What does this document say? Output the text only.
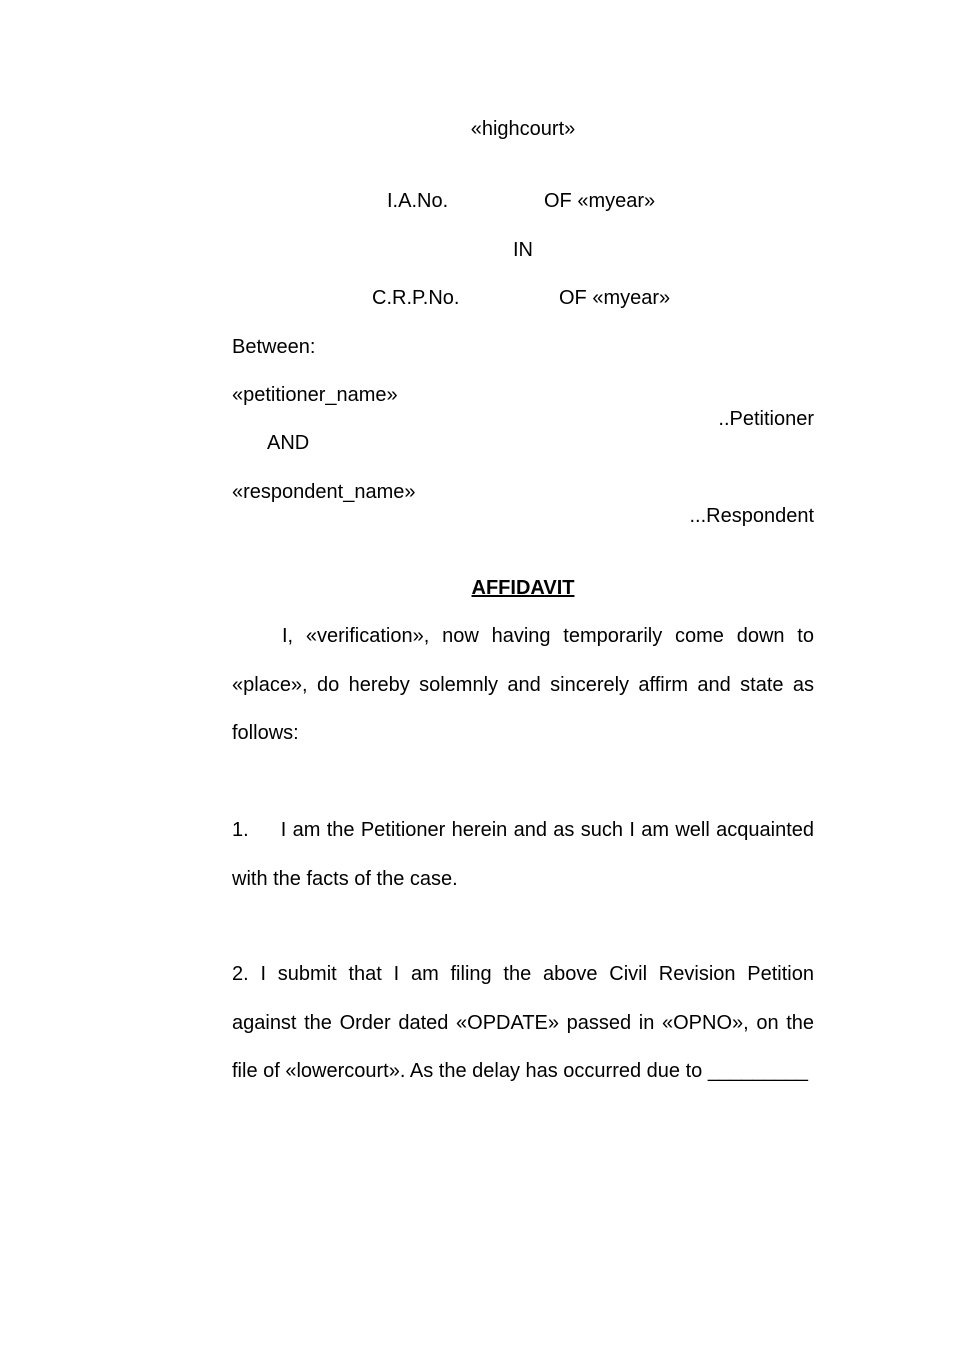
«highcourt»
I.A.No.	OF «myear»
IN
C.R.P.No.	OF «myear»
Between:
«petitioner_name»
..Petitioner
AND
«respondent_name»
...Respondent
AFFIDAVIT
I, «verification», now having temporarily come down to «place», do hereby solemnly and sincerely affirm and state as follows:
1. I am the Petitioner herein and as such I am well acquainted with the facts of the case.
2. I submit that I am filing the above Civil Revision Petition against the Order dated «OPDATE» passed in «OPNO», on the file of «lowercourt». As the delay has occurred due to _________
